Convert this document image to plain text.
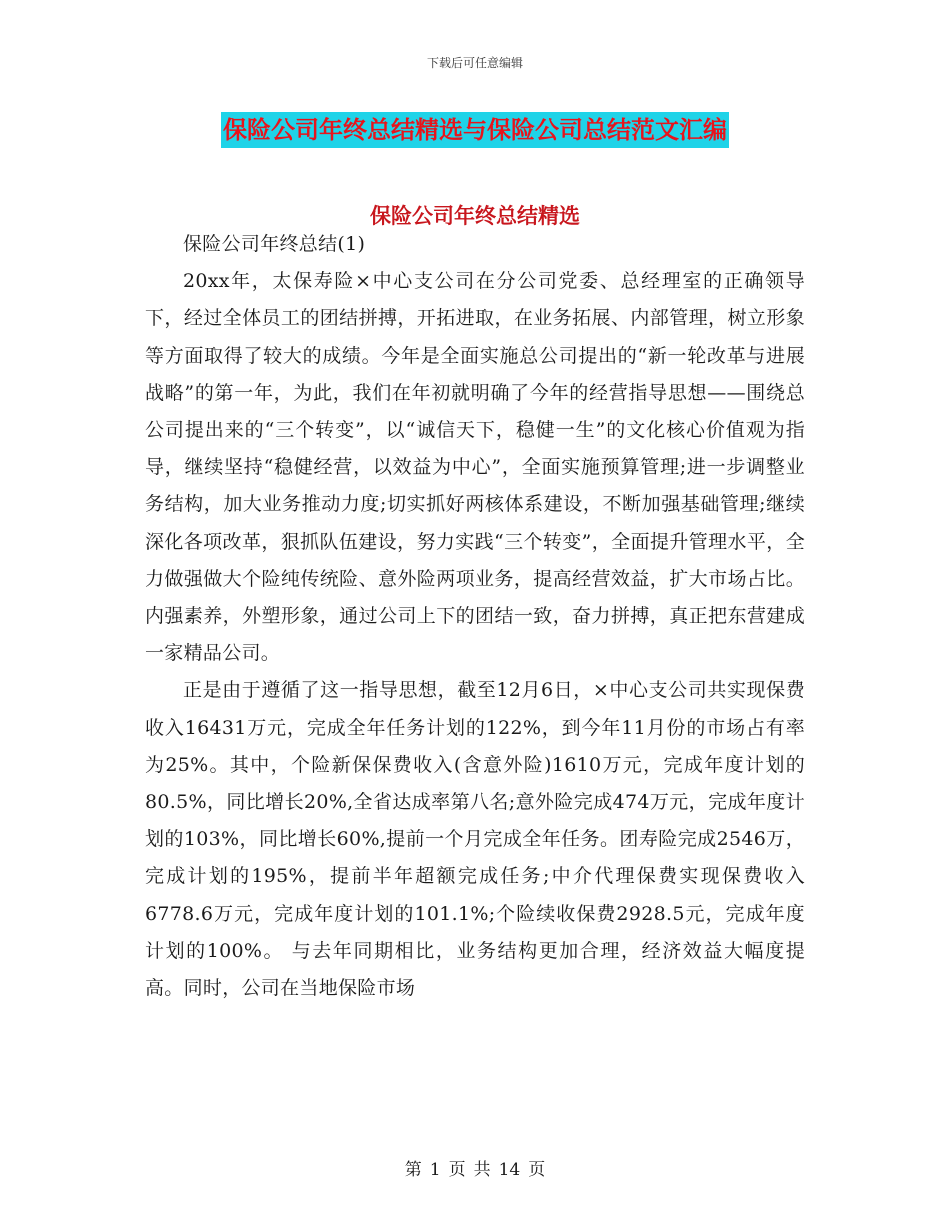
下载后可任意编辑
保险公司年终总结精选与保险公司总结范文汇编
保险公司年终总结精选

保险公司年终总结(1)

20xx年，太保寿险×中心支公司在分公司党委、总经理室的正确领导下，经过全体员工的团结拼搏，开拓进取，在业务拓展、内部管理，树立形象等方面取得了较大的成绩。今年是全面实施总公司提出的“新一轮改革与进展战略”的第一年，为此，我们在年初就明确了今年的经营指导思想——围绕总公司提出来的“三个转变”，以“诚信天下，稳健一生”的文化核心价值观为指导，继续坚持“稳健经营，以效益为中心”，全面实施预算管理;进一步调整业务结构，加大业务推动力度;切实抓好两核体系建设，不断加强基础管理;继续深化各项改革，狠抓队伍建设，努力实践“三个转变”，全面提升管理水平，全力做强做大个险纯传统险、意外险两项业务，提高经营效益，扩大市场占比。内强素养，外塑形象，通过公司上下的团结一致，奋力拼搏，真正把东营建成一家精品公司。

正是由于遵循了这一指导思想，截至12月6日，×中心支公司共实现保费收入16431万元，完成全年任务计划的122%，到今年11月份的市场占有率为25%。其中，个险新保保费收入(含意外险)1610万元，完成年度计划的80.5%，同比增长20%,全省达成率第八名;意外险完成474万元，完成年度计划的103%，同比增长60%,提前一个月完成全年任务。团寿险完成2546万，完成计划的195%，提前半年超额完成任务;中介代理保费实现保费收入6778.6万元，完成年度计划的101.1%;个险续收保费2928.5元，完成年度计划的100%。 与去年同期相比，业务结构更加合理，经济效益大幅度提高。同时，公司在当地保险市场

第 1 页 共 14 页
